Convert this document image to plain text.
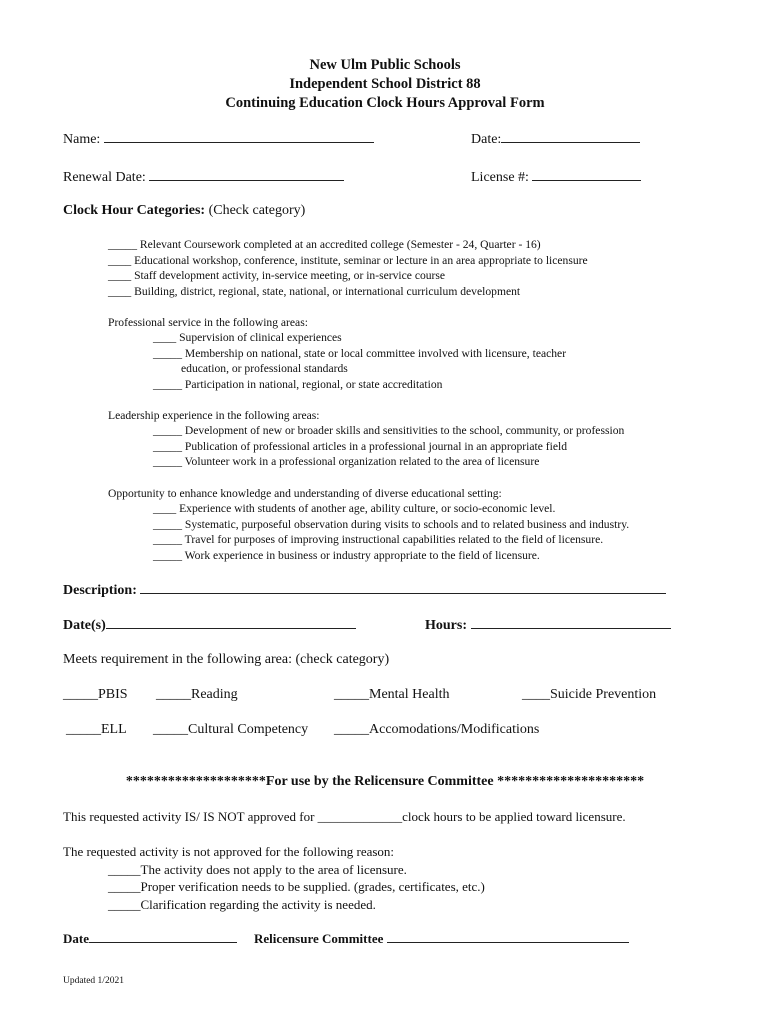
New Ulm Public Schools
Independent School District 88
Continuing Education Clock Hours Approval Form
Name:	Date:
Renewal Date:	License #:
Clock Hour Categories: (Check category)
_____ Relevant Coursework completed at an accredited college (Semester - 24, Quarter - 16)
____ Educational workshop, conference, institute, seminar or lecture in an area appropriate to licensure
____ Staff development activity, in-service meeting, or in-service course
____ Building, district, regional, state, national, or international curriculum development
Professional service in the following areas:
____ Supervision of clinical experiences
_____ Membership on national, state or local committee involved with licensure, teacher
education, or professional standards
_____ Participation in national, regional, or state accreditation
Leadership experience in the following areas:
_____ Development of new or broader skills and sensitivities to the school, community, or profession
_____ Publication of professional articles in a professional journal in an appropriate field
_____ Volunteer work in a professional organization related to the area of licensure
Opportunity to enhance knowledge and understanding of diverse educational setting:
____ Experience with students of another age, ability culture, or socio-economic level.
_____ Systematic, purposeful observation during visits to schools and to related business and industry.
_____ Travel for purposes of improving instructional capabilities related to the field of licensure.
_____ Work experience in business or industry appropriate to the field of licensure.
Description:
Date(s)	Hours:
Meets requirement in the following area: (check category)
_____PBIS _____Reading	_____Mental Health	____Suicide Prevention
_____ELL _____Cultural Competency _____Accomodations/Modifications
********************For use by the Relicensure Committee *********************
This requested activity IS/ IS NOT approved for _____________clock hours to be applied toward licensure.
The requested activity is not approved for the following reason:
_____The activity does not apply to the area of licensure.
_____Proper verification needs to be supplied. (grades, certificates, etc.)
_____Clarification regarding the activity is needed.
Date	Relicensure Committee
Updated 1/2021
